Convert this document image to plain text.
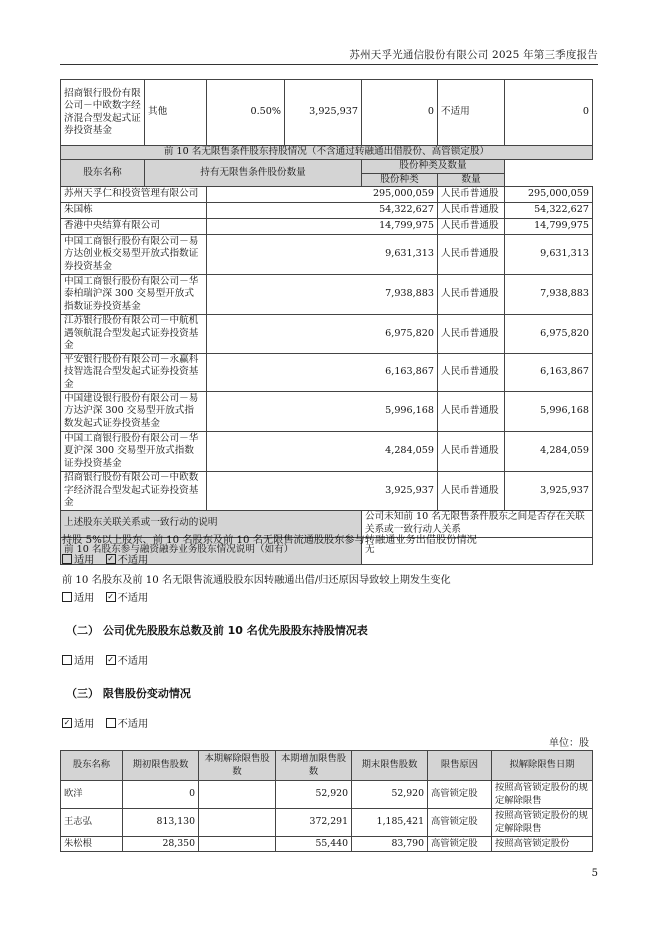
苏州天孚光通信股份有限公司 2025 年第三季度报告
招商银行股份有限公司－中欧数字经济混合型发起式证券投资基金	其他	0.50%	3,925,937	0	不适用	0
前 10 名无限售条件股东持股情况（不含通过转融通出借股份、高管锁定股）						
股东名称	持有无限售条件股份数量			股份种类及数量		
				股份种类	数量	
苏州天孚仁和投资管理有限公司		295,000,059			人民币普通股	295,000,059
朱国栋		54,322,627			人民币普通股	54,322,627
香港中央结算有限公司		14,799,975			人民币普通股	14,799,975
中国工商银行股份有限公司－易方达创业板交易型开放式指数证券投资基金		9,631,313			人民币普通股	9,631,313
中国工商银行股份有限公司－华泰柏瑞沪深 300 交易型开放式指数证券投资基金		7,938,883			人民币普通股	7,938,883
江苏银行股份有限公司－中航机遇领航混合型发起式证券投资基金		6,975,820			人民币普通股	6,975,820
平安银行股份有限公司－永赢科技智选混合型发起式证券投资基金		6,163,867			人民币普通股	6,163,867
中国建设银行股份有限公司－易方达沪深 300 交易型开放式指数发起式证券投资基金		5,996,168			人民币普通股	5,996,168
中国工商银行股份有限公司－华夏沪深 300 交易型开放式指数证券投资基金		4,284,059			人民币普通股	4,284,059
招商银行股份有限公司－中欧数字经济混合型发起式证券投资基金		3,925,937			人民币普通股	3,925,937
上述股东关联关系或一致行动的说明				公司未知前 10 名无限售条件股东之间是否存在关联关系或一致行动人关系		
前 10 名股东参与融资融券业务股东情况说明（如有）				无		
持股 5%以上股东、前 10 名股东及前 10 名无限售流通股股东参与转融通业务出借股份情况
适用 ✓ 不适用
前 10 名股东及前 10 名无限售流通股股东因转融通出借/归还原因导致较上期发生变化
适用 ✓ 不适用
（二） 公司优先股股东总数及前 10 名优先股股东持股情况表
适用 ✓ 不适用
（三） 限售股份变动情况
✓适用 不适用
单位：股
股东名称	期初限售股数	本期解除限售股数	本期增加限售股数	期末限售股数	限售原因	拟解除限售日期
欧洋	0		52,920	52,920	高管锁定股	按照高管锁定股份的规定解除限售
王志弘	813,130		372,291	1,185,421	高管锁定股	按照高管锁定股份的规定解除限售
朱松根	28,350		55,440	83,790	高管锁定股	按照高管锁定股份
5
